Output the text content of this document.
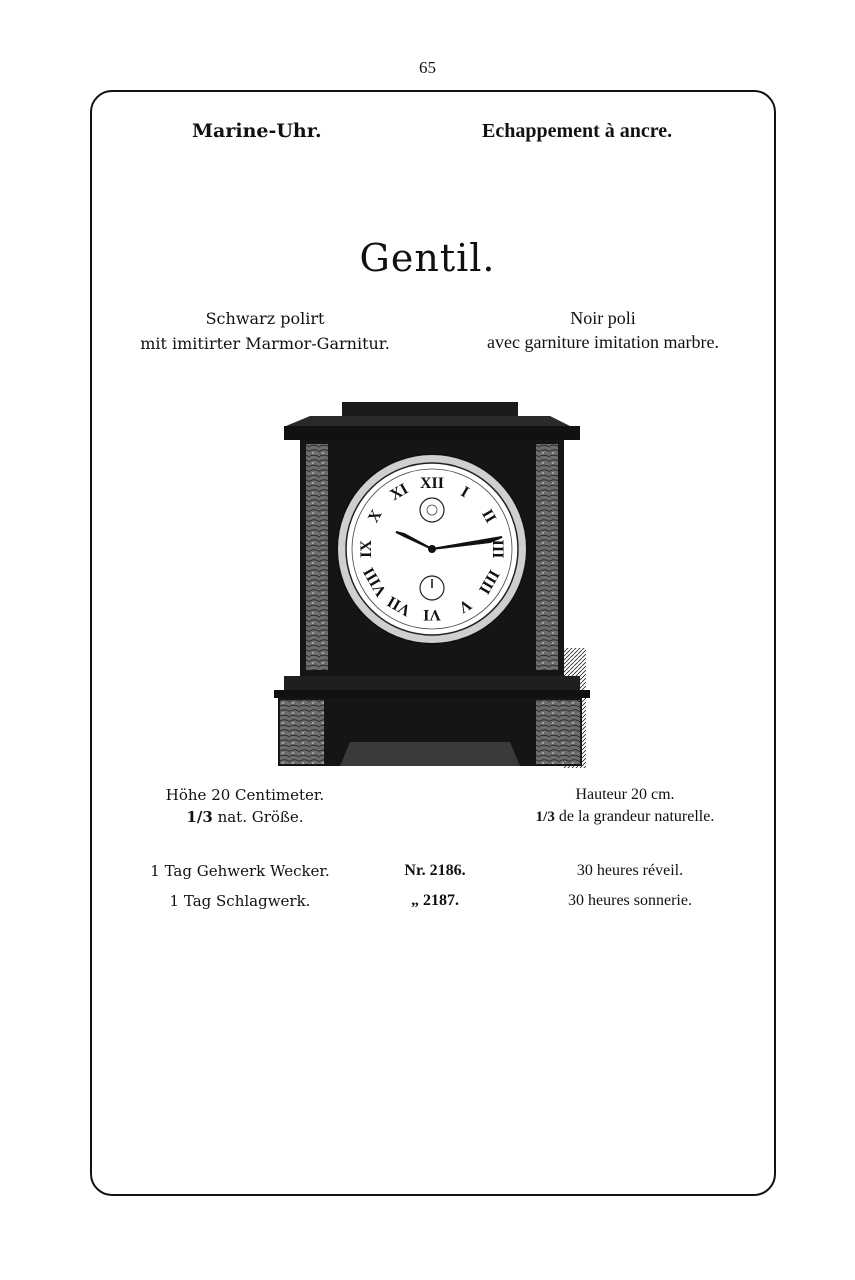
65
Marine-Uhr.	Echappement à ancre.
Gentil.
Schwarz polirt
mit imitirter Marmor-Garnitur.
Noir poli
avec garniture imitation marbre.
XII I
II
III
IIII
V
VI
VII
VIII
IX
X
XI
Höhe 20 Centimeter.
1/3 nat. Größe.
Hauteur 20 cm.
1/3 de la grandeur naturelle.
1 Tag Gehwerk Wecker.	Nr. 2186.	30 heures réveil.
1 Tag Schlagwerk.	„ 2187.	30 heures sonnerie.
